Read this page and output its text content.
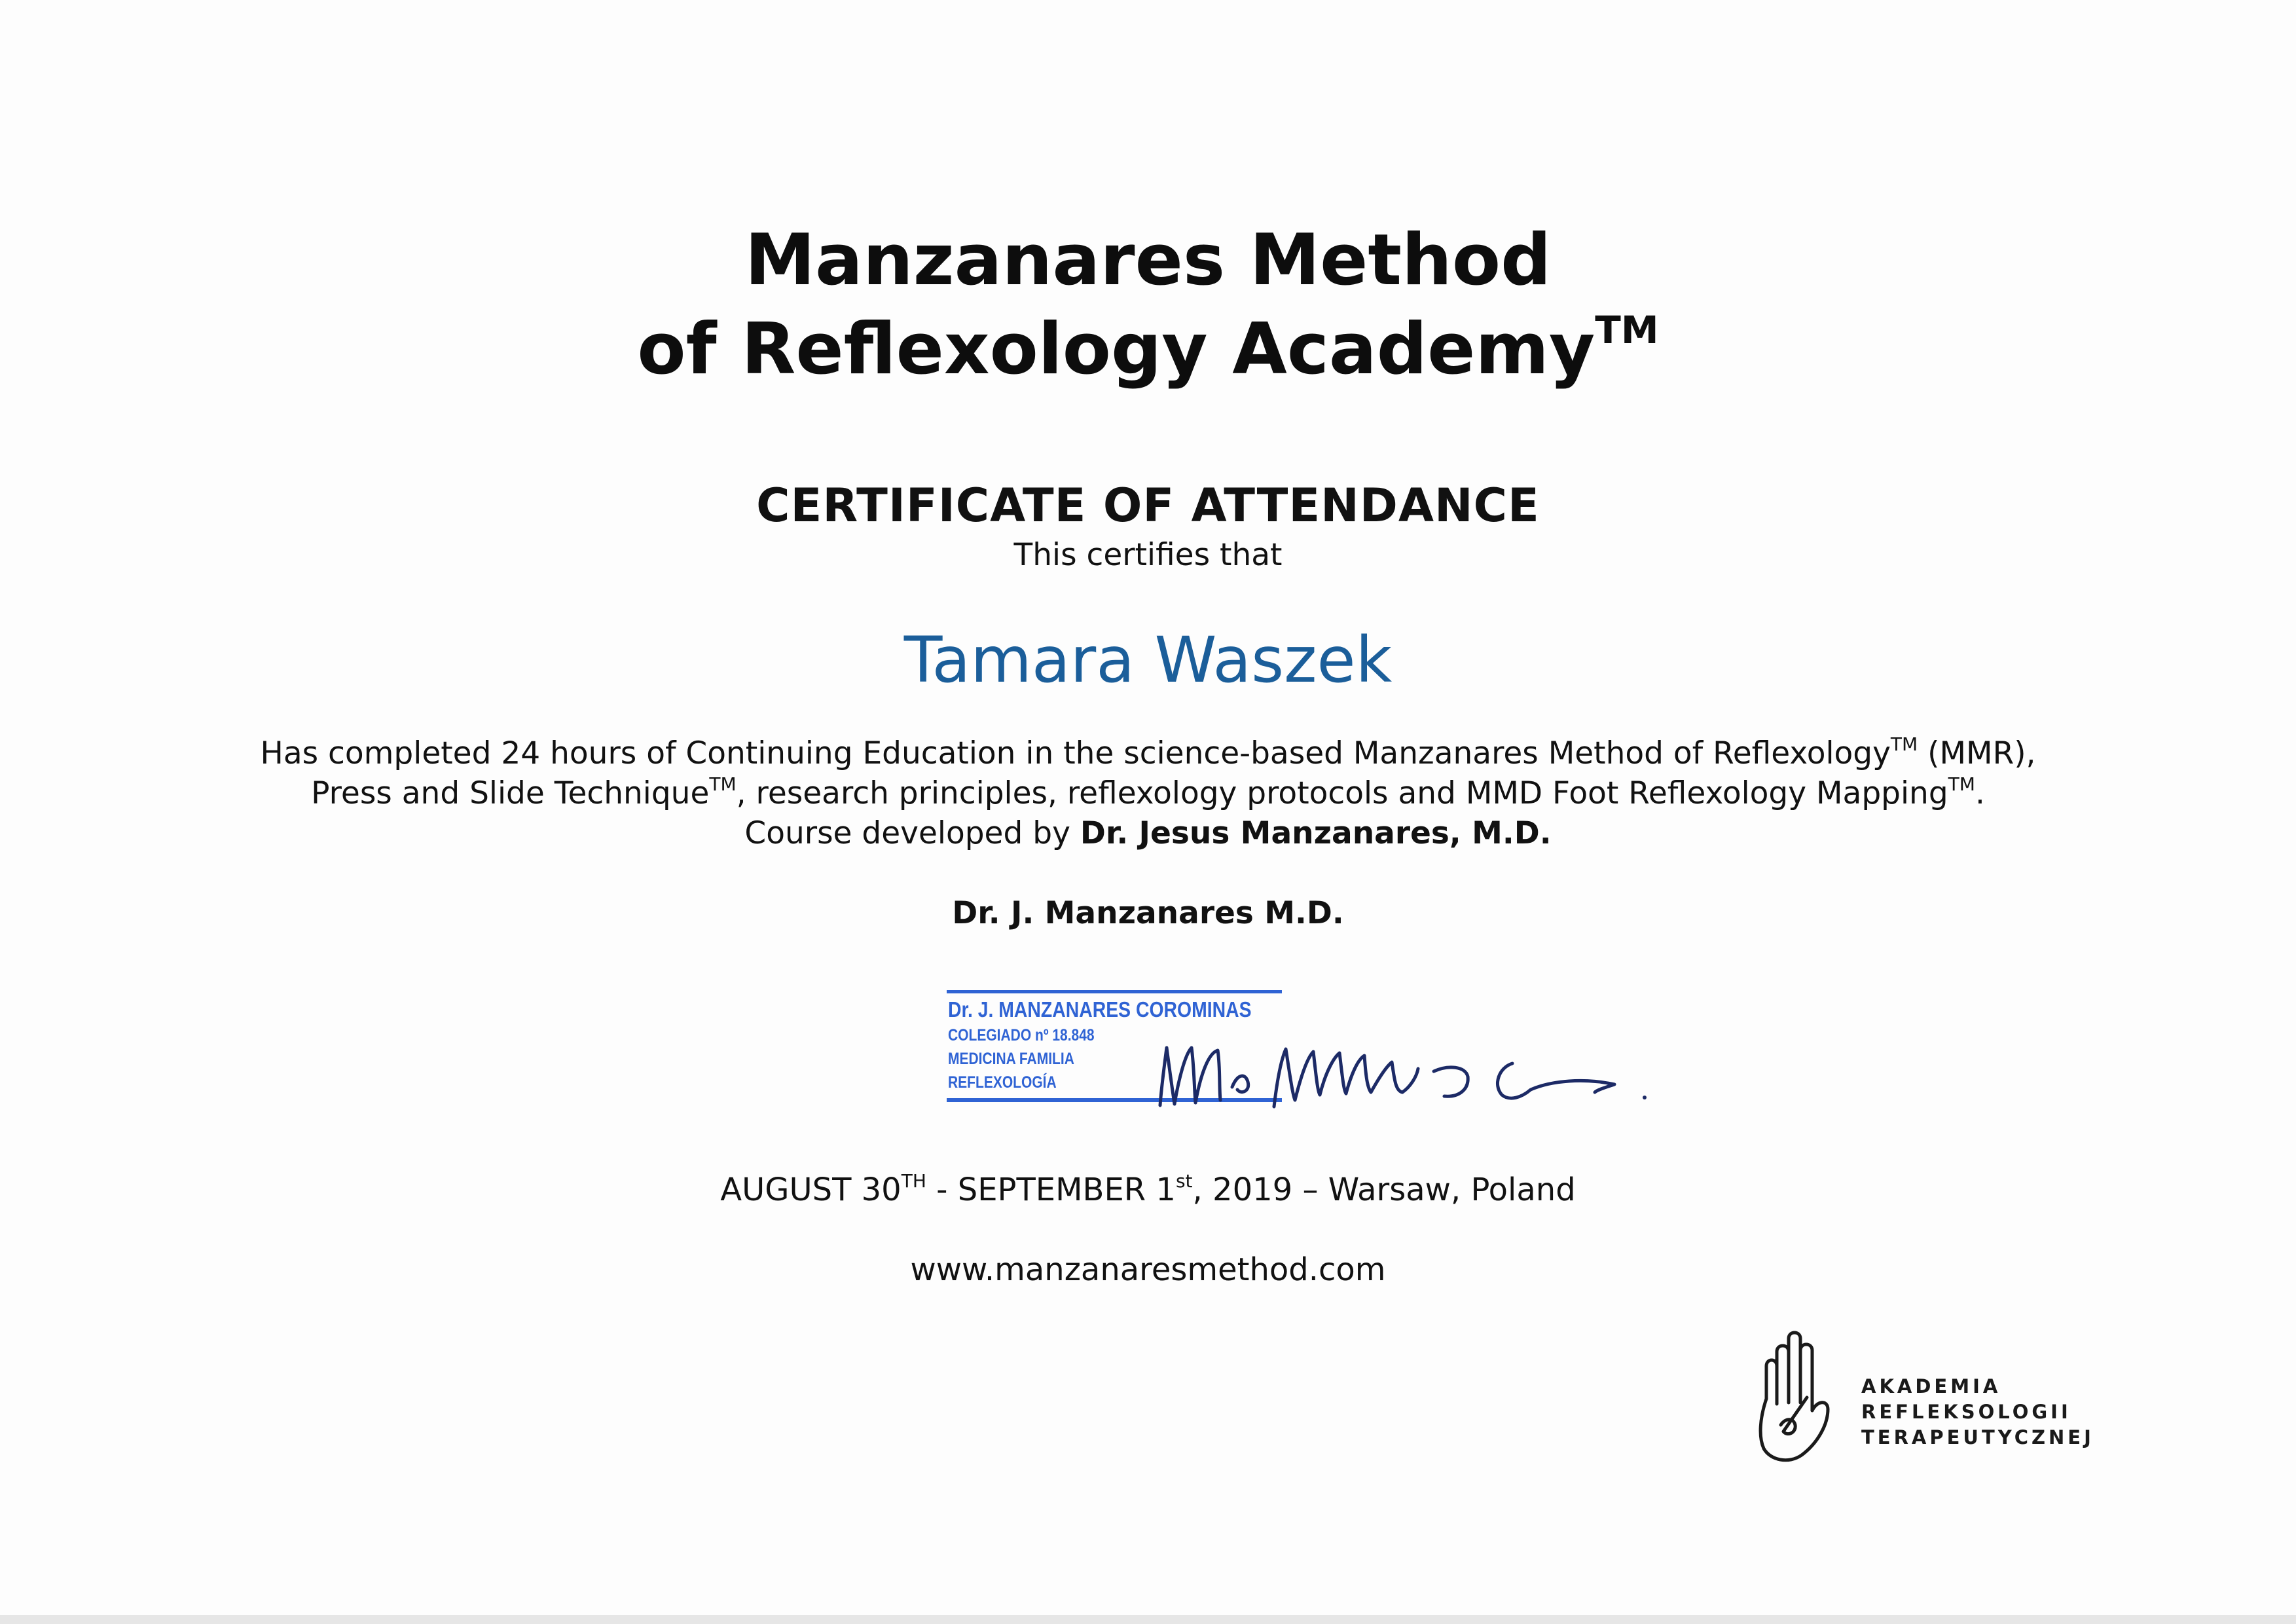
Manzanares Method
of Reflexology Academy™
CERTIFICATE OF ATTENDANCE
This certifies that
Tamara Waszek
Has completed 24 hours of Continuing Education in the science-based Manzanares Method of Reflexology™ (MMR),
Press and Slide Technique™, research principles, reflexology protocols and MMD Foot Reflexology Mapping™.
Course developed by Dr. Jesus Manzanares, M.D.
Dr. J. Manzanares M.D.
Dr. J. MANZANARES COROMINAS
COLEGIADO nº 18.848
MEDICINA FAMILIA
REFLEXOLOGÍA
AUGUST 30TH - SEPTEMBER 1st, 2019 – Warsaw, Poland
www.manzanaresmethod.com
AKADEMIA
REFLEKSOLOGII
TERAPEUTYCZNEJ
